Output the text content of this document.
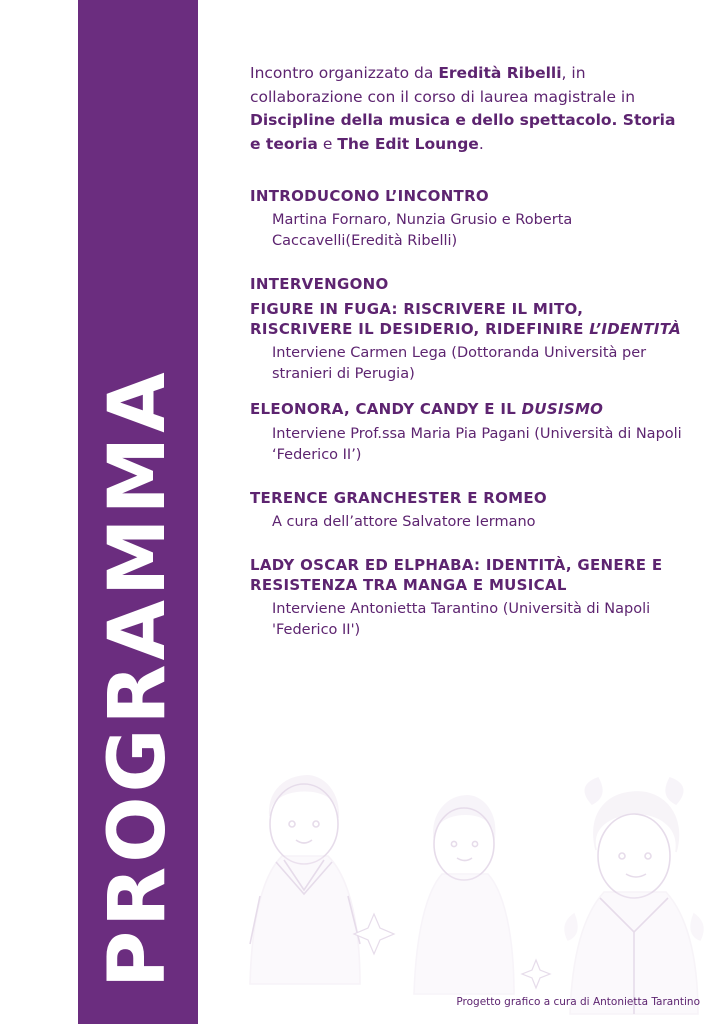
PROGRAMMA

Incontro organizzato da Eredità Ribelli, in collaborazione con il corso di laurea magistrale in Discipline della musica e dello spettacolo. Storia e teoria e The Edit Lounge.

INTRODUCONO L’INCONTRO

Martina Fornaro, Nunzia Grusio e Roberta Caccavelli(Eredità Ribelli)

INTERVENGONO

FIGURE IN FUGA: RISCRIVERE IL MITO, RISCRIVERE IL DESIDERIO, RIDEFINIRE L’IDENTITÀ

Interviene Carmen Lega (Dottoranda Università per stranieri di Perugia)

ELEONORA, CANDY CANDY E IL DUSISMO

Interviene Prof.ssa Maria Pia Pagani (Università di Napoli ‘Federico II’)

TERENCE GRANCHESTER E ROMEO

A cura dell’attore Salvatore Iermano

LADY OSCAR ED ELPHABA: IDENTITÀ, GENERE E RESISTENZA TRA MANGA E MUSICAL

Interviene Antonietta Tarantino (Università di Napoli 'Federico II')

Progetto grafico a cura di Antonietta Tarantino
